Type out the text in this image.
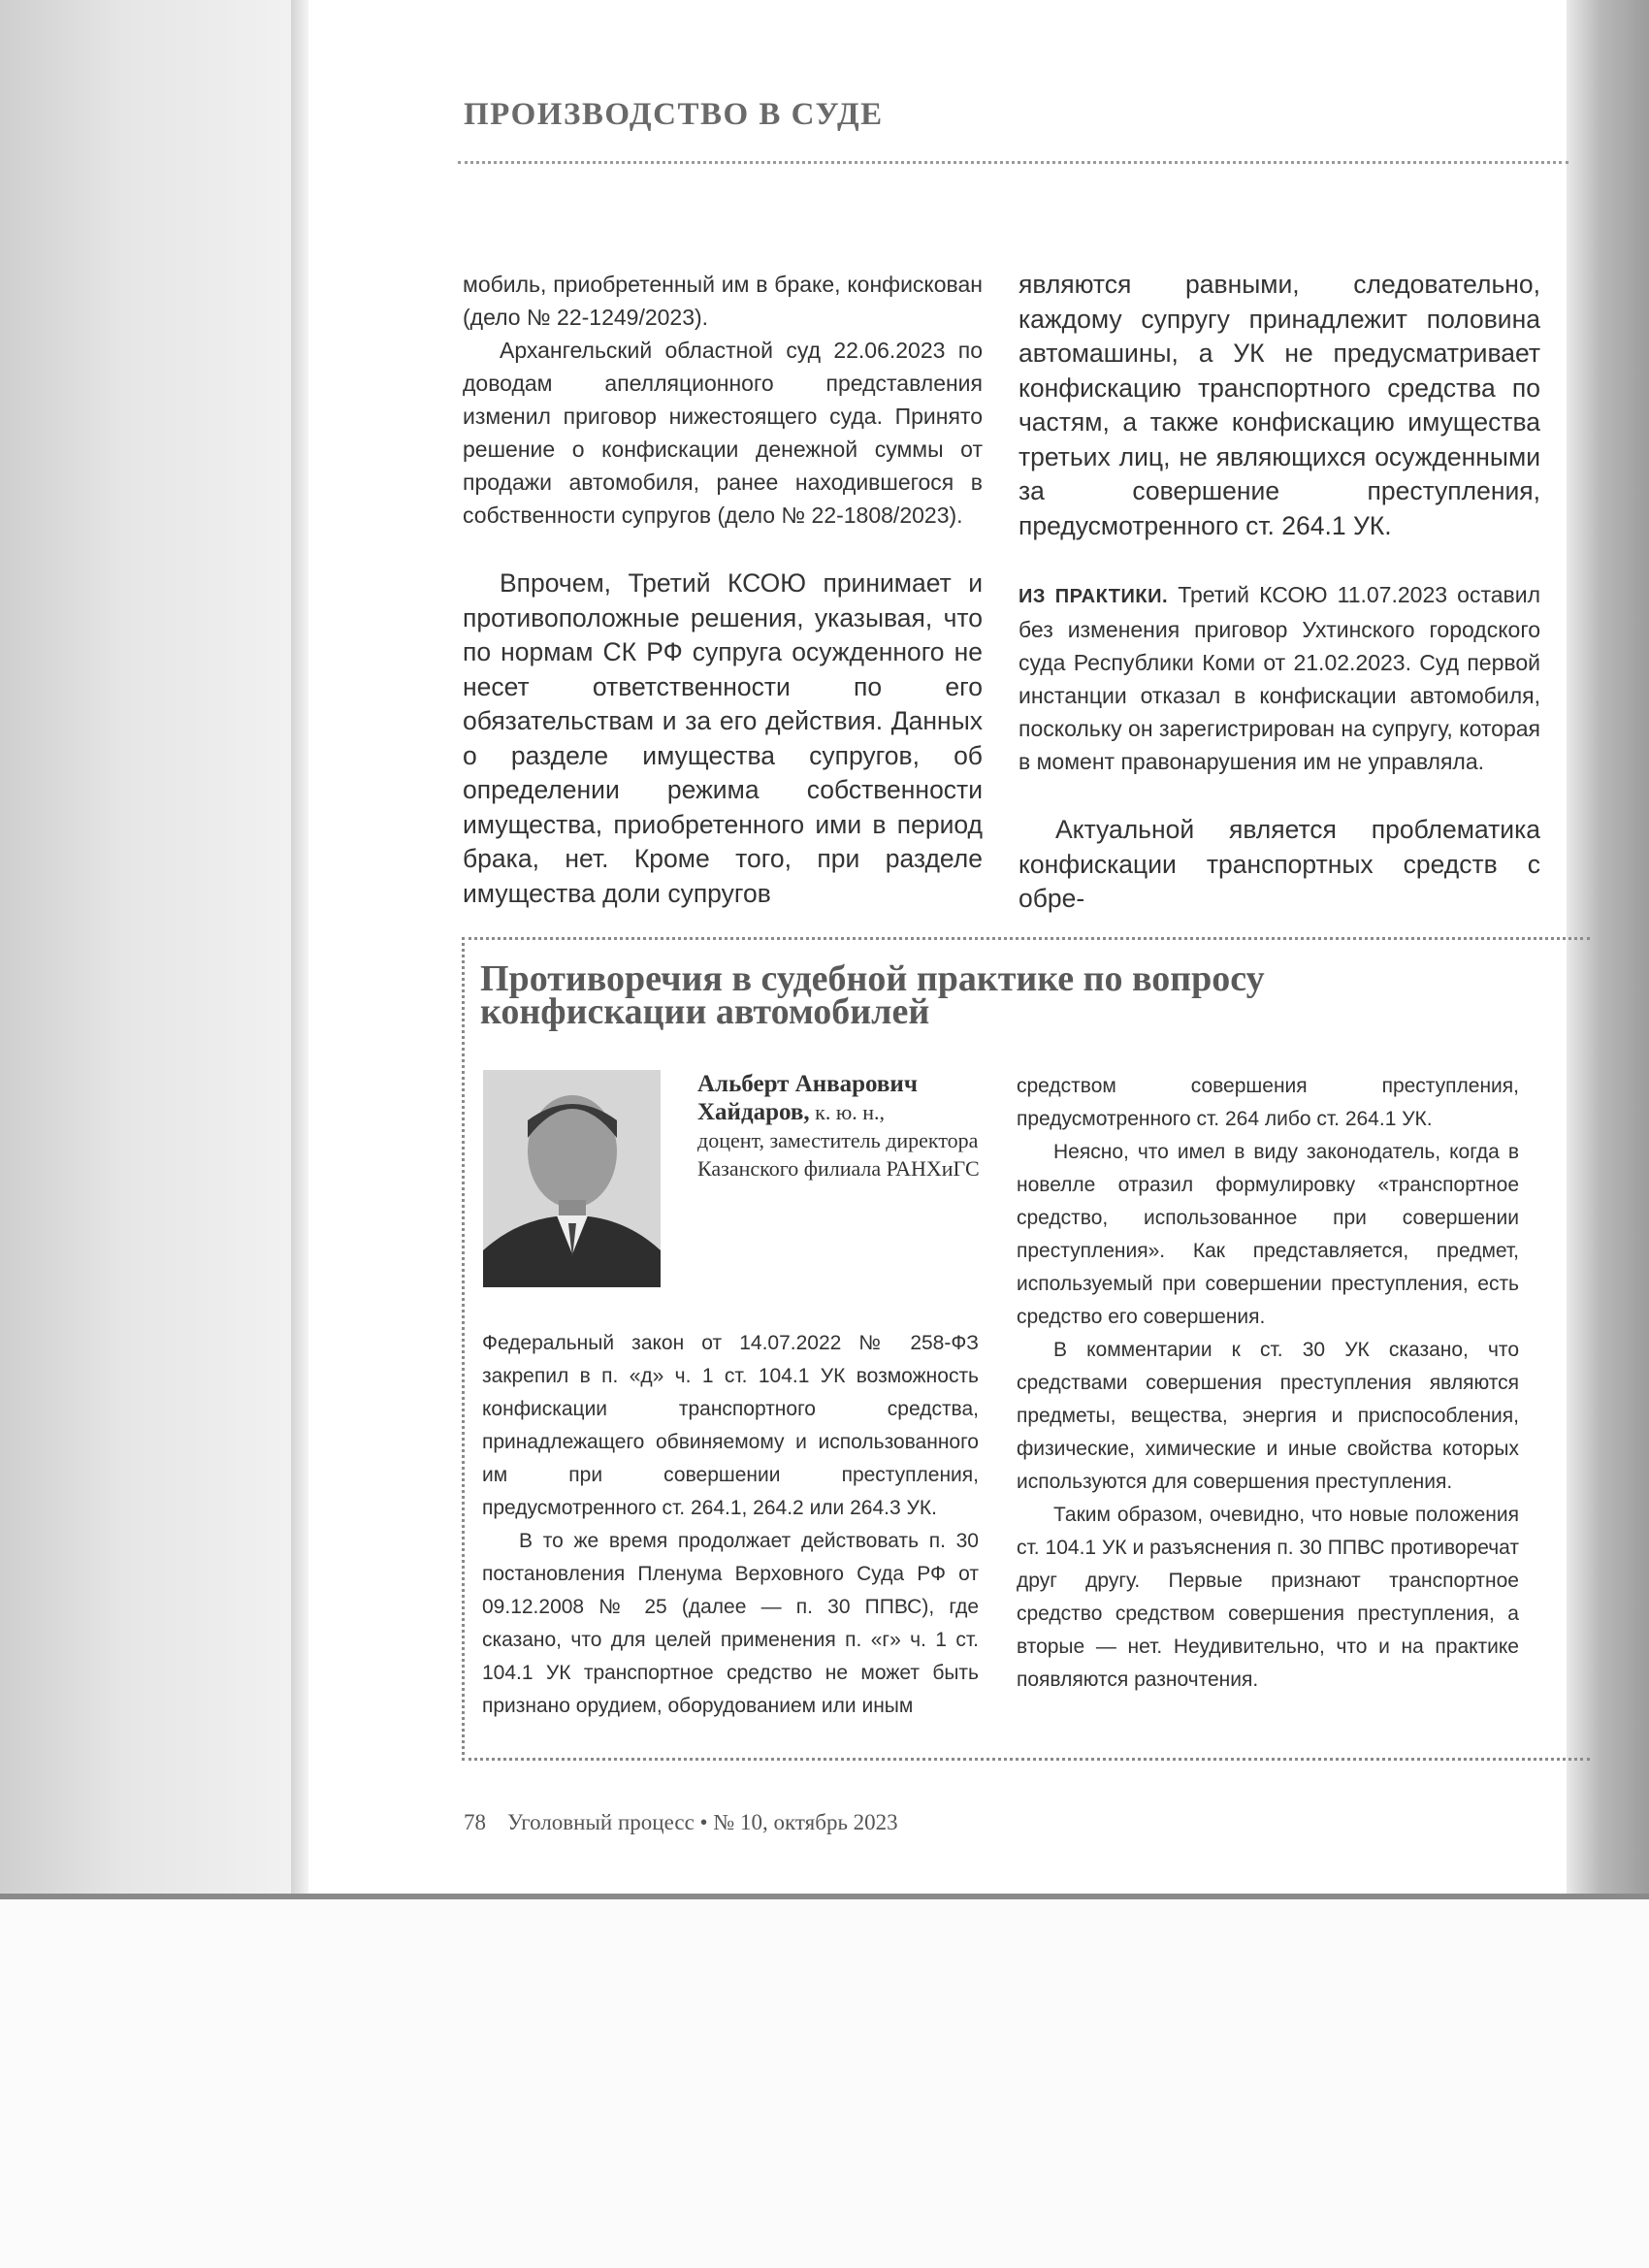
ПРОИЗВОДСТВО В СУДЕ

мобиль, приобретенный им в браке, конфискован (дело № 22-1249/2023).

Архангельский областной суд 22.06.2023 по доводам апелляционного представления изменил приговор нижестоящего суда. Принято решение о конфискации денежной суммы от продажи автомобиля, ранее находившегося в собственности супругов (дело № 22-1808/2023).

Впрочем, Третий КСОЮ принимает и противоположные решения, указывая, что по нормам СК РФ супруга осужденного не несет ответственности по его обязательствам и за его действия. Данных о разделе имущества супругов, об определении режима собственности имущества, приобретенного ими в период брака, нет. Кроме того, при разделе имущества доли супругов

являются равными, следовательно, каждому супругу принадлежит половина автомашины, а УК не предусматривает конфискацию транспортного средства по частям, а также конфискацию имущества третьих лиц, не являющихся осужденными за совершение преступления, предусмотренного ст. 264.1 УК.

ИЗ ПРАКТИКИ. Третий КСОЮ 11.07.2023 оставил без изменения приговор Ухтинского городского суда Республики Коми от 21.02.2023. Суд первой инстанции отказал в конфискации автомобиля, поскольку он зарегистрирован на супругу, которая в момент правонарушения им не управляла.

Актуальной является проблематика конфискации транспортных средств с обре-

Противоречия в судебной практике по вопросу
конфискации автомобилей
Альберт Анварович
Хайдаров, к. ю. н.,
доцент, заместитель директора Казанского филиала РАНХиГС

Федеральный закон от 14.07.2022 № 258-ФЗ закрепил в п. «д» ч. 1 ст. 104.1 УК возможность конфискации транспортного средства, принадлежащего обвиняемому и использованного им при совершении преступления, предусмотренного ст. 264.1, 264.2 или 264.3 УК.

В то же время продолжает действовать п. 30 постановления Пленума Верховного Суда РФ от 09.12.2008 № 25 (далее — п. 30 ППВС), где сказано, что для целей применения п. «г» ч. 1 ст. 104.1 УК транспортное средство не может быть признано орудием, оборудованием или иным

средством совершения преступления, предусмотренного ст. 264 либо ст. 264.1 УК.

Неясно, что имел в виду законодатель, когда в новелле отразил формулировку «транспортное средство, использованное при совершении преступления». Как представляется, предмет, используемый при совершении преступления, есть средство его совершения.

В комментарии к ст. 30 УК сказано, что средствами совершения преступления являются предметы, вещества, энергия и приспособления, физические, химические и иные свойства которых используются для совершения преступления.

Таким образом, очевидно, что новые положения ст. 104.1 УК и разъяснения п. 30 ППВС противоречат друг другу. Первые признают транспортное средство средством совершения преступления, а вторые — нет. Неудивительно, что и на практике появляются разночтения.

78 Уголовный процесс • № 10, октябрь 2023
